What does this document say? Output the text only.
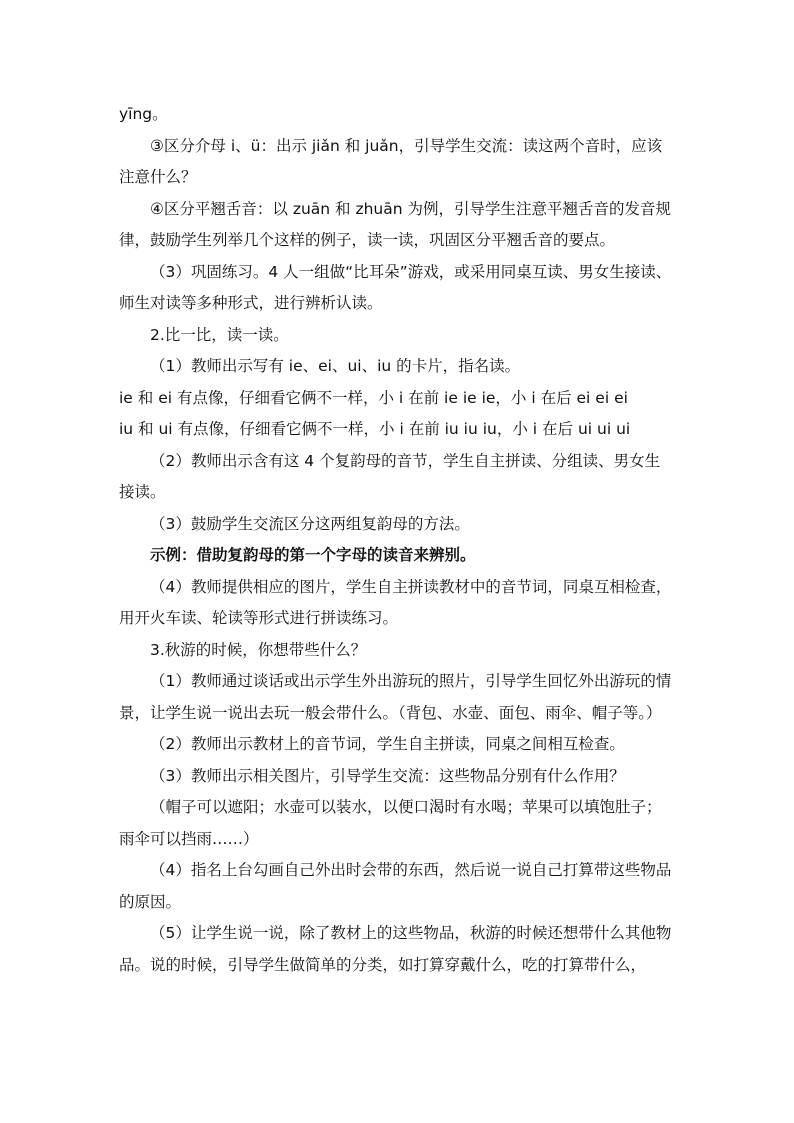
yīng。

③区分介母 i、ü：出示 jiǎn 和 juǎn，引导学生交流：读这两个音时，应该注意什么？

④区分平翘舌音：以 zuān 和 zhuān 为例，引导学生注意平翘舌音的发音规律，鼓励学生列举几个这样的例子，读一读，巩固区分平翘舌音的要点。

（3）巩固练习。4 人一组做“比耳朵”游戏，或采用同桌互读、男女生接读、师生对读等多种形式，进行辨析认读。

2.比一比，读一读。

（1）教师出示写有 ie、ei、ui、iu 的卡片，指名读。

ie 和 ei 有点像，仔细看它俩不一样，小 i 在前 ie ie ie，小 i 在后 ei ei ei

iu 和 ui 有点像，仔细看它俩不一样，小 i 在前 iu iu iu，小 i 在后 ui ui ui

（2）教师出示含有这 4 个复韵母的音节，学生自主拼读、分组读、男女生接读。

（3）鼓励学生交流区分这两组复韵母的方法。

示例：借助复韵母的第一个字母的读音来辨别。

（4）教师提供相应的图片，学生自主拼读教材中的音节词，同桌互相检查，用开火车读、轮读等形式进行拼读练习。

3.秋游的时候，你想带些什么？

（1）教师通过谈话或出示学生外出游玩的照片，引导学生回忆外出游玩的情景，让学生说一说出去玩一般会带什么。（背包、水壶、面包、雨伞、帽子等。）

（2）教师出示教材上的音节词，学生自主拼读，同桌之间相互检查。

（3）教师出示相关图片，引导学生交流：这些物品分别有什么作用？

（帽子可以遮阳；水壶可以装水，以便口渴时有水喝；苹果可以填饱肚子；雨伞可以挡雨……）

（4）指名上台勾画自己外出时会带的东西，然后说一说自己打算带这些物品的原因。

（5）让学生说一说，除了教材上的这些物品，秋游的时候还想带什么其他物品。说的时候，引导学生做简单的分类，如打算穿戴什么，吃的打算带什么，
